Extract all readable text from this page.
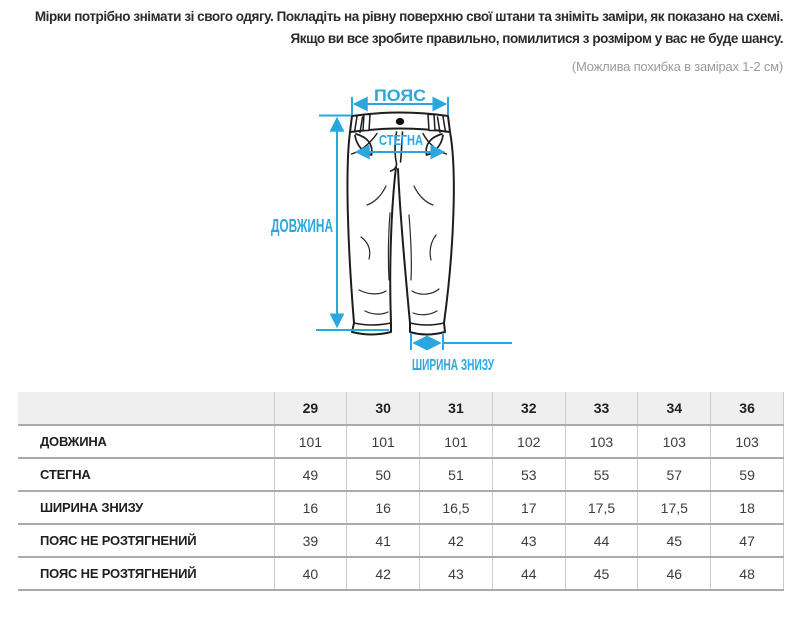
Мірки потрібно знімати зі свого одягу. Покладіть на рівну поверхню свої штани та зніміть заміри, як показано на схемі.
Якщо ви все зробите правильно, помилитися з розміром у вас не буде шансу.
(Можлива похибка в замірах 1-2 см)
ПОЯС
СТЕГНА
ДОВЖИНА
ШИРИНА ЗНИЗУ
	29	30	31	32	33	34	36
ДОВЖИНА	101	101	101	102	103	103	103
СТЕГНА	49	50	51	53	55	57	59
ШИРИНА ЗНИЗУ	16	16	16,5	17	17,5	17,5	18
ПОЯС НЕ РОЗТЯГНЕНИЙ	39	41	42	43	44	45	47
ПОЯС НЕ РОЗТЯГНЕНИЙ	40	42	43	44	45	46	48
